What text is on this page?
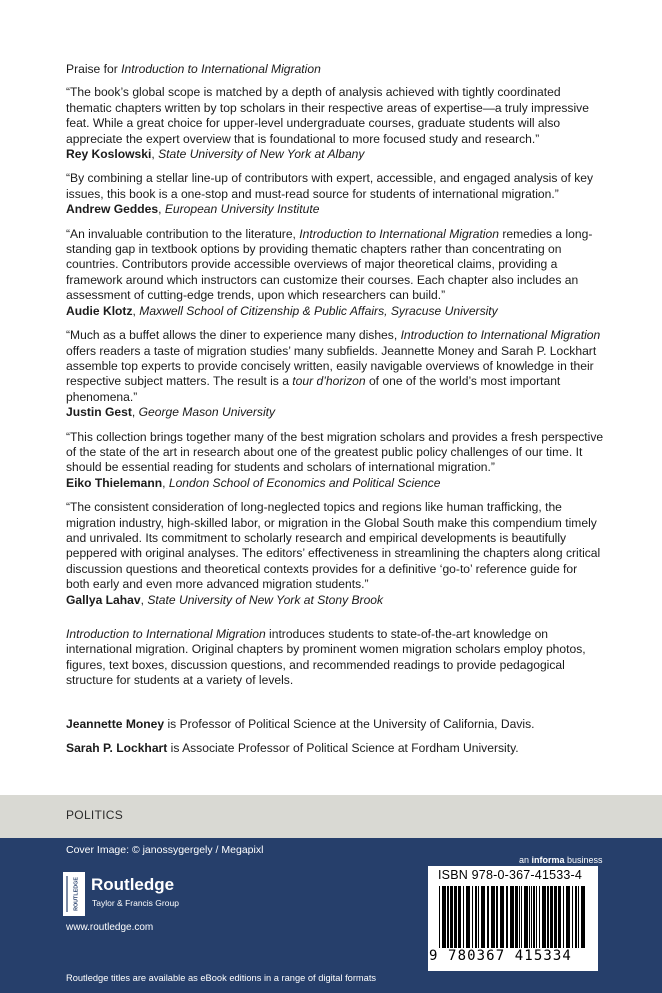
Praise for Introduction to International Migration

“The book’s global scope is matched by a depth of analysis achieved with tightly coordinated thematic chapters written by top scholars in their respective areas of expertise—a truly impressive feat. While a great choice for upper-level undergraduate courses, graduate students will also appreciate the expert overview that is foundational to more focused study and research.”

Rey Koslowski, State University of New York at Albany

“By combining a stellar line-up of contributors with expert, accessible, and engaged analysis of key issues, this book is a one-stop and must-read source for students of international migration.”

Andrew Geddes, European University Institute

“An invaluable contribution to the literature, Introduction to International Migration remedies a long-standing gap in textbook options by providing thematic chapters rather than concentrating on countries. Contributors provide accessible overviews of major theoretical claims, providing a framework around which instructors can customize their courses. Each chapter also includes an assessment of cutting-edge trends, upon which researchers can build.”

Audie Klotz, Maxwell School of Citizenship & Public Affairs, Syracuse University

“Much as a buffet allows the diner to experience many dishes, Introduction to International Migration offers readers a taste of migration studies’ many subfields. Jeannette Money and Sarah P. Lockhart assemble top experts to provide concisely written, easily navigable overviews of knowledge in their respective subject matters. The result is a tour d’horizon of one of the world’s most important phenomena.”

Justin Gest, George Mason University

“This collection brings together many of the best migration scholars and provides a fresh perspective of the state of the art in research about one of the greatest public policy challenges of our time. It should be essential reading for students and scholars of international migration.”

Eiko Thielemann, London School of Economics and Political Science

“The consistent consideration of long-neglected topics and regions like human trafficking, the migration industry, high-skilled labor, or migration in the Global South make this compendium timely and unrivaled. Its commitment to scholarly research and empirical developments is beautifully peppered with original analyses. The editors’ effectiveness in streamlining the chapters along critical discussion questions and theoretical contexts provides for a definitive ‘go-to’ reference guide for both early and even more advanced migration students.”

Gallya Lahav, State University of New York at Stony Brook

Introduction to International Migration introduces students to state-of-the-art knowledge on international migration. Original chapters by prominent women migration scholars employ photos, figures, text boxes, discussion questions, and recommended readings to provide pedagogical structure for students at a variety of levels.

Jeannette Money is Professor of Political Science at the University of California, Davis.

Sarah P. Lockhart is Associate Professor of Political Science at Fordham University.

POLITICS
Cover Image: © janossygergely / Megapixl
ROUTLEDGE Routledge
Taylor & Francis Group
www.routledge.com
Routledge titles are available as eBook editions in a range of digital formats
an informa business
ISBN 978-0-367-41533-4
9 780367 415334
